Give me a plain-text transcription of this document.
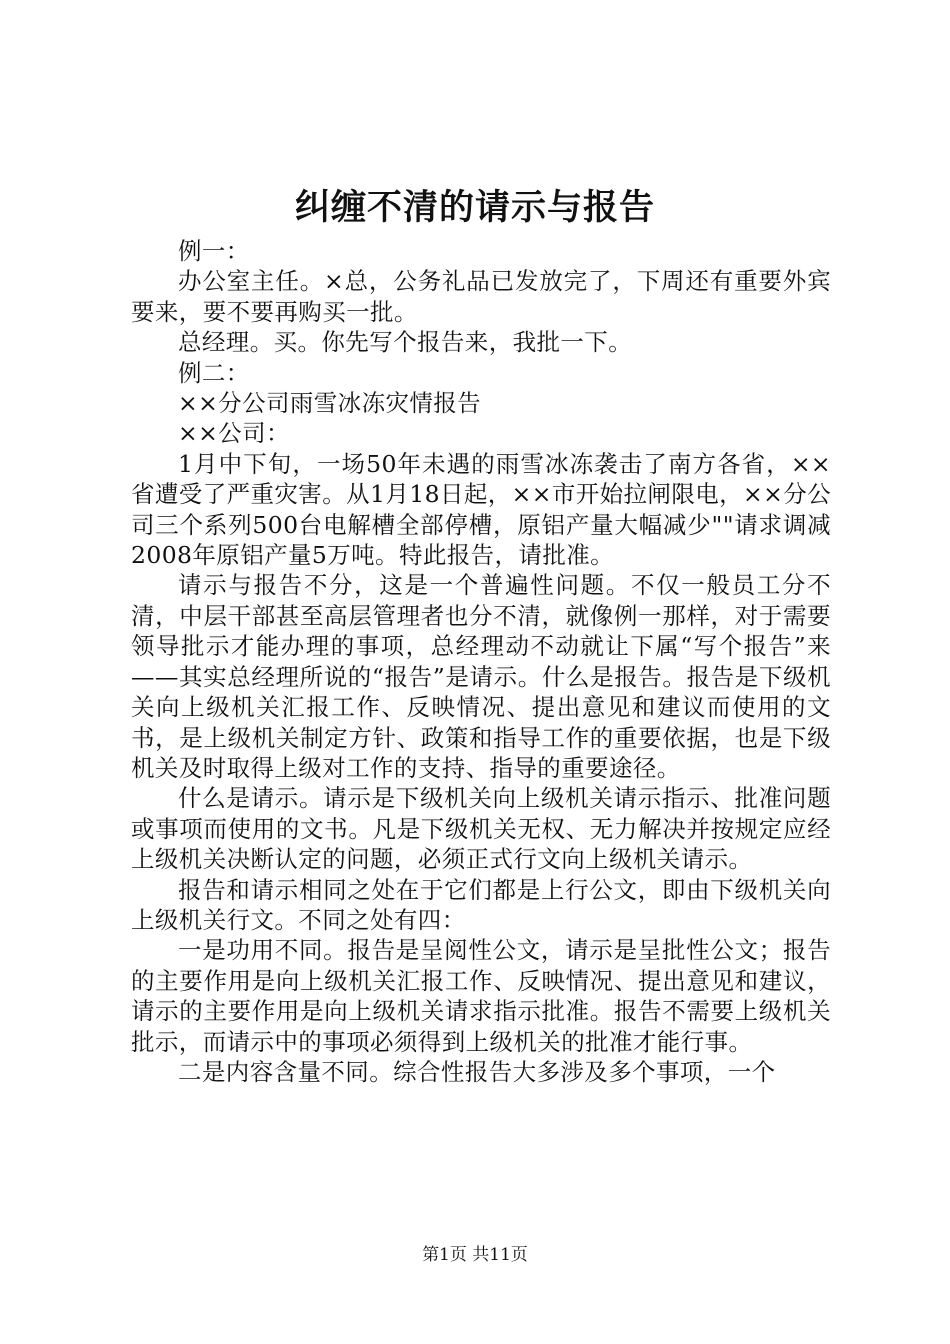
纠缠不清的请示与报告

例一：

办公室主任。×总，公务礼品已发放完了，下周还有重要外宾要来，要不要再购买一批。

总经理。买。你先写个报告来，我批一下。

例二：

××分公司雨雪冰冻灾情报告

××公司：

1月中下旬，一场50年未遇的雨雪冰冻袭击了南方各省，××省遭受了严重灾害。从1月18日起，××市开始拉闸限电，××分公司三个系列500台电解槽全部停槽，原铝产量大幅减少""请求调减2008年原铝产量5万吨。特此报告，请批准。

请示与报告不分，这是一个普遍性问题。不仅一般员工分不清，中层干部甚至高层管理者也分不清，就像例一那样，对于需要领导批示才能办理的事项，总经理动不动就让下属“写个报告”来——其实总经理所说的“报告”是请示。什么是报告。报告是下级机关向上级机关汇报工作、反映情况、提出意见和建议而使用的文书，是上级机关制定方针、政策和指导工作的重要依据，也是下级机关及时取得上级对工作的支持、指导的重要途径。

什么是请示。请示是下级机关向上级机关请示指示、批准问题或事项而使用的文书。凡是下级机关无权、无力解决并按规定应经上级机关决断认定的问题，必须正式行文向上级机关请示。

报告和请示相同之处在于它们都是上行公文，即由下级机关向上级机关行文。不同之处有四：

一是功用不同。报告是呈阅性公文，请示是呈批性公文；报告的主要作用是向上级机关汇报工作、反映情况、提出意见和建议，请示的主要作用是向上级机关请求指示批准。报告不需要上级机关批示，而请示中的事项必须得到上级机关的批准才能行事。

二是内容含量不同。综合性报告大多涉及多个事项，一个

第1页 共11页
